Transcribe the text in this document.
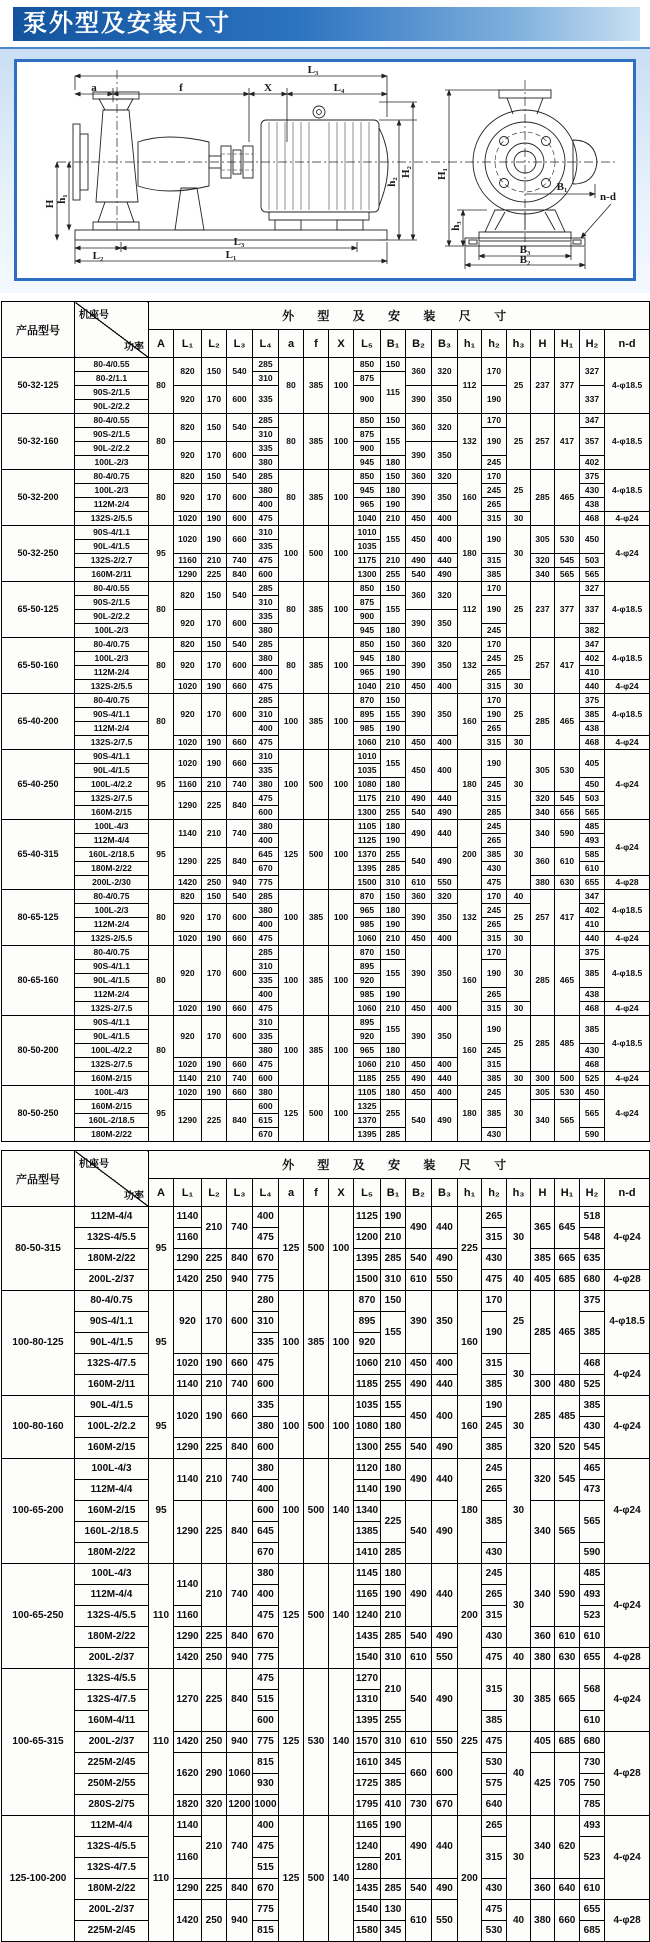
泵外型及安装尺寸
L₃
a	f	X	L₄
H
h₁
L₂
L₃
L₁
h₂
H₂ H₁
h₃
B₁
n-d
B₃
B₂
产品型号	机座号
功率	外 型 及 安 装 尺 寸																		
		A	L₁	L₂	L₃	L₄	a	f	X	L₅	B₁	B₂	B₃	h₁	h₂	h₃	H	H₁	H₂	n-d
50-32-125	80-4/0.55	80	820	150	540	285	80	385	100	850	150	360	320	112	170	25	237	377	327	4-φ18.5
	80-2/1.1					310				875	115									
	90S-2/1.5		920	170	600	335				900		390	350		190				337	
	90L-2/2.2																			
50-32-160	80-4/0.55	80	820	150	540	285	80	385	100	850	150	360	320	132	170	25	257	417	347	4-φ18.5
	90S-2/1.5					310				875	155				190				357	
	90L-2/2.2		920	170	600	335				900		390	350							
	100L-2/3					380				945	180				245				402	
50-32-200	80-4/0.75	80	820	150	540	285	80	385	100	850	150	360	320	160	170	25	285	465	375	4-φ18.5
	100L-2/3		920	170	600	380				945	180	390	350		245				430	
	112M-2/4					400				965	190				265				438	
	132S-2/5.5		1020	190	600	475				1040	210	450	400		315	30			468	4-φ24
50-32-250	90S-4/1.1	95	1020	190	660	310	100	500	100	1010	155	450	400	180	190	30	305	530	450	4-φ24
	90L-4/1.5					335				1035										
	132S-2/2.7		1160	210	740	475				1175	210	490	440		315		320	545	503	
	160M-2/11		1290	225	840	600				1300	255	540	490		385		340	565	565	
65-50-125	80-4/0.55	80	820	150	540	285	80	385	100	850	150	360	320	112	170	25	237	377	327	4-φ18.5
	90S-2/1.5					310				875	155				190				337	
	90L-2/2.2		920	170	600	335				900		390	350							
	100L-2/3					380				945	180				245				382	
65-50-160	80-4/0.75	80	820	150	540	285	80	385	100	850	150	360	320	132	170	25	257	417	347	4-φ18.5
	100L-2/3		920	170	600	380				945	180	390	350		245				402	
	112M-2/4					400				965	190				265				410	
	132S-2/5.5		1020	190	660	475				1040	210	450	400		315	30			440	4-φ24
65-40-200	80-4/0.75	80	920	170	600	285	100	385	100	870	150	390	350	160	170	25	285	465	375	4-φ18.5
	90S-4/1.1					310				895	155				190				385	
	112M-2/4					400				985	190				265				438	
	132S-2/7.5		1020	190	660	475				1060	210	450	400		315	30			468	4-φ24
65-40-250	90S-4/1.1	95	1020	190	660	310	100	500	100	1010	155	450	400	180	190	30	305	530	405	4-φ24
	90L-4/1.5					335				1035										
	100L-4/2.2		1160	210	740	380				1080	180				245				450	
	132S-2/7.5		1290	225	840	475				1175	210	490	440		315		320	545	503	
	160M-2/15					600				1300	255	540	490		285		340	656	565	
65-40-315	100L-4/3	95	1140	210	740	380	125	500	100	1105	180	490	440	200	245	30	340	590	485	4-φ24
	112M-4/4					400				1125	190				265				493	
	160L-2/18.5		1290	225	840	645				1370	255	540	490		385		360	610	585	
	180M-2/22					670				1395	285				430				610	
	200L-2/30		1420	250	940	775				1500	310	610	550		475		380	630	655	4-φ28
80-65-125	80-4/0.75	80	820	150	540	285	100	385	100	870	150	360	320	132	170	40	257	417	347	4-φ18.5
	100L-2/3		920	170	600	380				965	180	390	350		245	25			402	
	112M-2/4					400				985	190				265				410	
	132S-2/5.5		1020	190	660	475				1060	210	450	400		315	30			440	4-φ24
80-65-160	80-4/0.75	80	920	170	600	285	100	385	100	870	150	390	350	160	170	30	285	465	375	4-φ18.5
	90S-4/1.1					310				895	155				190				385	
	90L-4/1.5					335				920										
	112M-2/4					400				985	190				265				438	
	132S-2/7.5		1020	190	660	475				1060	210	450	400		315	30			468	4-φ24
80-50-200	90S-4/1.1	80	920	170	600	310	100	385	100	895	155	390	350	160	190	25	285	485	385	4-φ18.5
	90L-4/1.5					335				920										
	100L-4/2.2					380				965	180				245				430	
	132S-2/7.5		1020	190	660	475				1060	210	450	400		315				468	
	160M-2/15		1140	210	740	600				1185	255	490	440		385	30	300	500	525	4-φ24
80-50-250	100L-4/3	95	1020	190	660	380	125	500	100	1105	180	450	400	180	245	30	305	530	450	4-φ24
	160M-2/15		1290	225	840	600				1325	255	540	490		385		340	565	565	
	160L-2/18.5					615				1370										
	180M-2/22					670				1395	285				430				590	
产品型号	机座号
功率	外 型 及 安 装 尺 寸																		
		A	L₁	L₂	L₃	L₄	a	f	X	L₅	B₁	B₂	B₃	h₁	h₂	h₃	H	H₁	H₂	n-d
80-50-315	112M-4/4	95	1140	210	740	400	125	500	100	1125	190	490	440	225	265	30	365	645	518	4-φ24
	132S-4/5.5		1160			475				1200	210				315				548	
	180M-2/22		1290	225	840	670				1395	285	540	490		430		385	665	635	
	200L-2/37		1420	250	940	775				1500	310	610	550		475	40	405	685	680	4-φ28
100-80-125	80-4/0.75	95	920	170	600	280	100	385	100	870	150	390	350	160	170	25	285	465	375	4-φ18.5
	90S-4/1.1					310				895	155				190				385	
	90L-4/1.5					335				920										
	132S-4/7.5		1020	190	660	475				1060	210	450	400		315	30			468	4-φ24
	160M-2/11		1140	210	740	600				1185	255	490	440		385		300	480	525	
100-80-160	90L-4/1.5	95	1020	190	660	335	100	500	100	1035	155	450	400	160	190	30	285	485	385	4-φ24
	100L-2/2.2					380				1080	180				245				430	
	160M-2/15		1290	225	840	600				1300	255	540	490		385		320	520	545	
100-65-200	100L-4/3	95	1140	210	740	380	100	500	140	1120	180	490	440	180	245	30	320	545	465	4-φ24
	112M-4/4					400				1140	190				265				473	
	160M-2/15		1290	225	840	600				1340	225	540	490		385		340	565	565	
	160L-2/18.5					645				1385										
	180M-2/22					670				1410	285				430				590	
100-65-250	100L-4/3	110	1140	210	740	380	125	500	140	1145	180	490	440	200	245	30	340	590	485	4-φ24
	112M-4/4					400				1165	190				265				493	
	132S-4/5.5		1160			475				1240	210				315				523	
	180M-2/22		1290	225	840	670				1435	285	540	490		430		360	610	610	
	200L-2/37		1420	250	940	775				1540	310	610	550		475	40	380	630	655	4-φ28
100-65-315	132S-4/5.5	110	1270	225	840	475	125	530	140	1270	210	540	490	225	315	30	385	665	568	4-φ24
	132S-4/7.5					515				1310										
	160M-4/11					600				1395	255				385				610	
	200L-2/37		1420	250	940	775				1570	310	610	550		475	40	405	685	680	4-φ28
	225M-2/45		1620	290	1060	815				1610	345	660	600		530		425	705	730	
	250M-2/55					930				1725	385				575				750	
	280S-2/75		1820	320	1200	1000				1795	410	730	670		640				785	
125-100-200	112M-4/4	110	1140	210	740	400	125	500	140	1165	190	490	440	200	265	30	340	620	493	4-φ24
	132S-4/5.5		1160			475				1240	201				315				523	
	132S-4/7.5					515				1280										
	180M-2/22		1290	225	840	670				1435	285	540	490		430		360	640	610	
	200L-2/37		1420	250	940	775				1540	130	610	550		475	40	380	660	655	4-φ28
	225M-2/45					815				1580	345				530				685	
